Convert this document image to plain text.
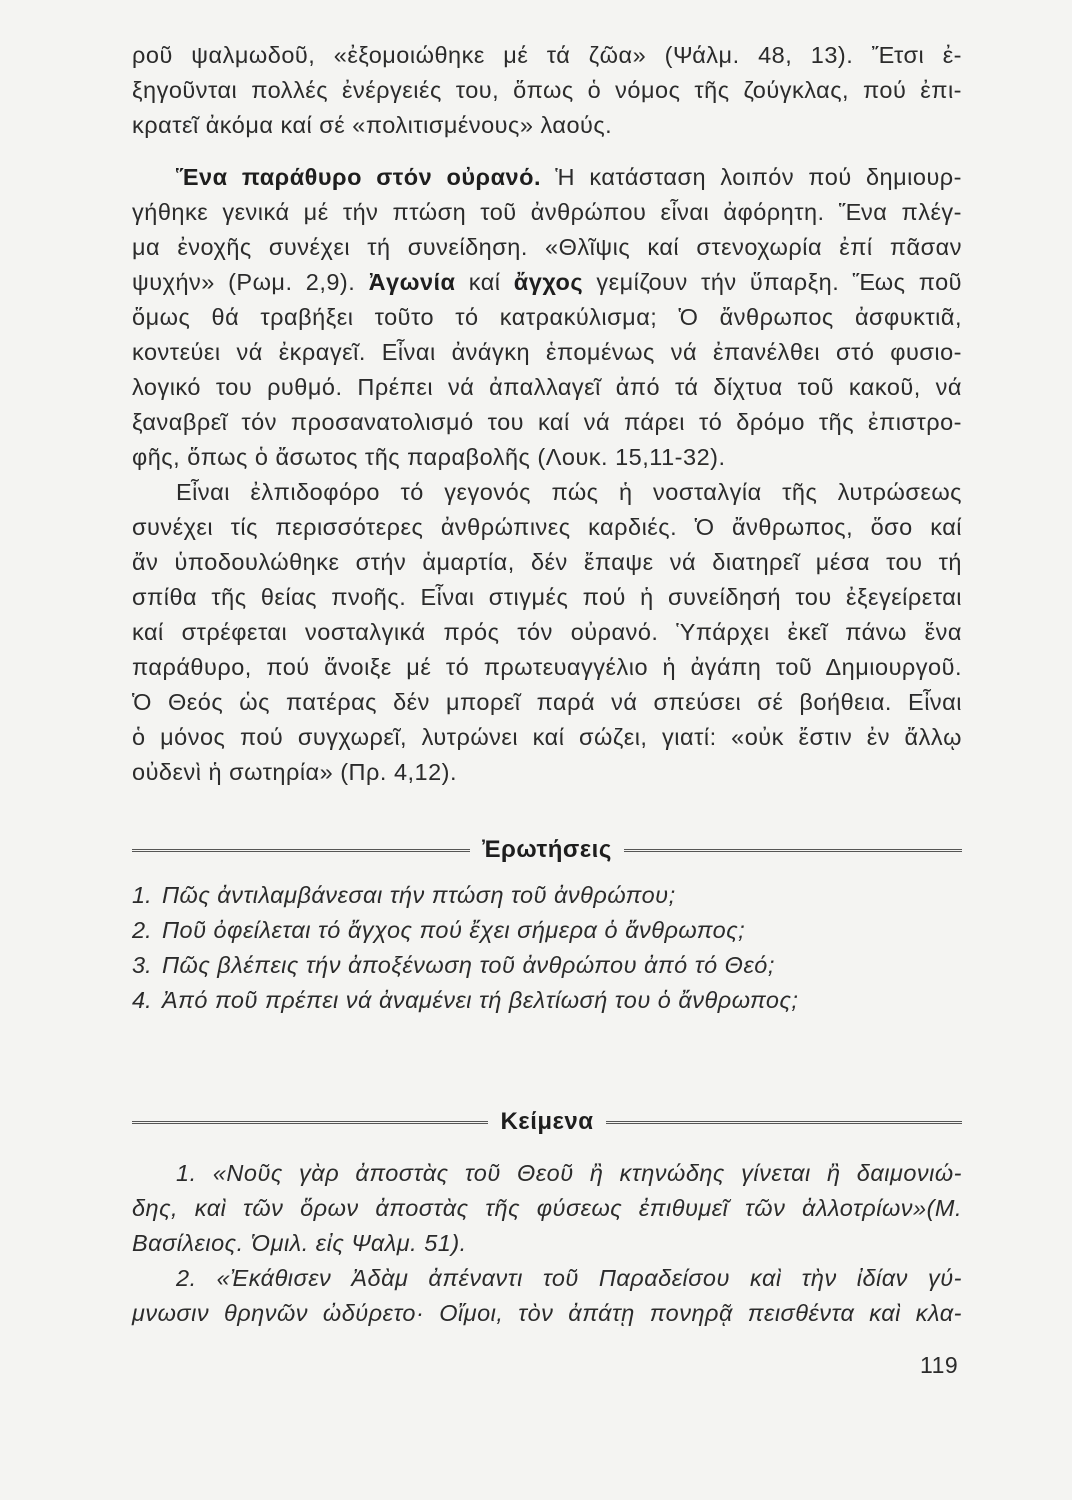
ροῦ ψαλμωδοῦ, «ἐξομοιώθηκε μέ τά ζῶα» (Ψάλμ. 48, 13). Ἔτσι ἐ-
ξηγοῦνται πολλές ἐνέργειές του, ὅπως ὁ νόμος τῆς ζούγκλας, πού ἐπι-
κρατεῖ ἀκόμα καί σέ «πολιτισμένους» λαούς.
Ἕνα παράθυρο στόν οὐρανό. Ἡ κατάσταση λοιπόν πού δημιουρ-
γήθηκε γενικά μέ τήν πτώση τοῦ ἀνθρώπου εἶναι ἀφόρητη. Ἕνα πλέγ-
μα ἐνοχῆς συνέχει τή συνείδηση. «Θλῖψις καί στενοχωρία ἐπί πᾶσαν
ψυχήν» (Ρωμ. 2,9). Ἀγωνία καί ἄγχος γεμίζουν τήν ὕπαρξη. Ἕως ποῦ
ὅμως θά τραβήξει τοῦτο τό κατρακύλισμα; Ὁ ἄνθρωπος ἀσφυκτιᾶ,
κοντεύει νά ἐκραγεῖ. Εἶναι ἀνάγκη ἑπομένως νά ἐπανέλθει στό φυσιο-
λογικό του ρυθμό. Πρέπει νά ἀπαλλαγεῖ ἀπό τά δίχτυα τοῦ κακοῦ, νά
ξαναβρεῖ τόν προσανατολισμό του καί νά πάρει τό δρόμο τῆς ἐπιστρο-
φῆς, ὅπως ὁ ἄσωτος τῆς παραβολῆς (Λουκ. 15,11-32).
Εἶναι ἐλπιδοφόρο τό γεγονός πώς ἡ νοσταλγία τῆς λυτρώσεως
συνέχει τίς περισσότερες ἀνθρώπινες καρδιές. Ὁ ἄνθρωπος, ὅσο καί
ἄν ὑποδουλώθηκε στήν ἁμαρτία, δέν ἔπαψε νά διατηρεῖ μέσα του τή
σπίθα τῆς θείας πνοῆς. Εἶναι στιγμές πού ἡ συνείδησή του ἐξεγείρεται
καί στρέφεται νοσταλγικά πρός τόν οὐρανό. Ὑπάρχει ἐκεῖ πάνω ἕνα
παράθυρο, πού ἄνοιξε μέ τό πρωτευαγγέλιο ἡ ἀγάπη τοῦ Δημιουργοῦ.
Ὁ Θεός ὡς πατέρας δέν μπορεῖ παρά νά σπεύσει σέ βοήθεια. Εἶναι
ὁ μόνος πού συγχωρεῖ, λυτρώνει καί σώζει, γιατί: «οὐκ ἔστιν ἐν ἄλλῳ
οὐδενὶ ἡ σωτηρία» (Πρ. 4,12).
Ἐρωτήσεις
1. Πῶς ἀντιλαμβάνεσαι τήν πτώση τοῦ ἀνθρώπου;
2. Ποῦ ὀφείλεται τό ἄγχος πού ἔχει σήμερα ὁ ἄνθρωπος;
3. Πῶς βλέπεις τήν ἀποξένωση τοῦ ἀνθρώπου ἀπό τό Θεό;
4. Ἀπό ποῦ πρέπει νά ἀναμένει τή βελτίωσή του ὁ ἄνθρωπος;
Κείμενα
1. «Νοῦς γὰρ ἀποστὰς τοῦ Θεοῦ ἢ κτηνώδης γίνεται ἢ δαιμονιώ-
δης, καὶ τῶν ὅρων ἀποστὰς τῆς φύσεως ἐπιθυμεῖ τῶν ἀλλοτρίων»(Μ.
Βασίλειος. Ὁμιλ. εἰς Ψαλμ. 51).
2. «Ἐκάθισεν Ἀδὰμ ἀπέναντι τοῦ Παραδείσου καὶ τὴν ἰδίαν γύ-
μνωσιν θρηνῶν ὠδύρετο· Οἴμοι, τὸν ἀπάτῃ πονηρᾷ πεισθέντα καὶ κλα-
119
